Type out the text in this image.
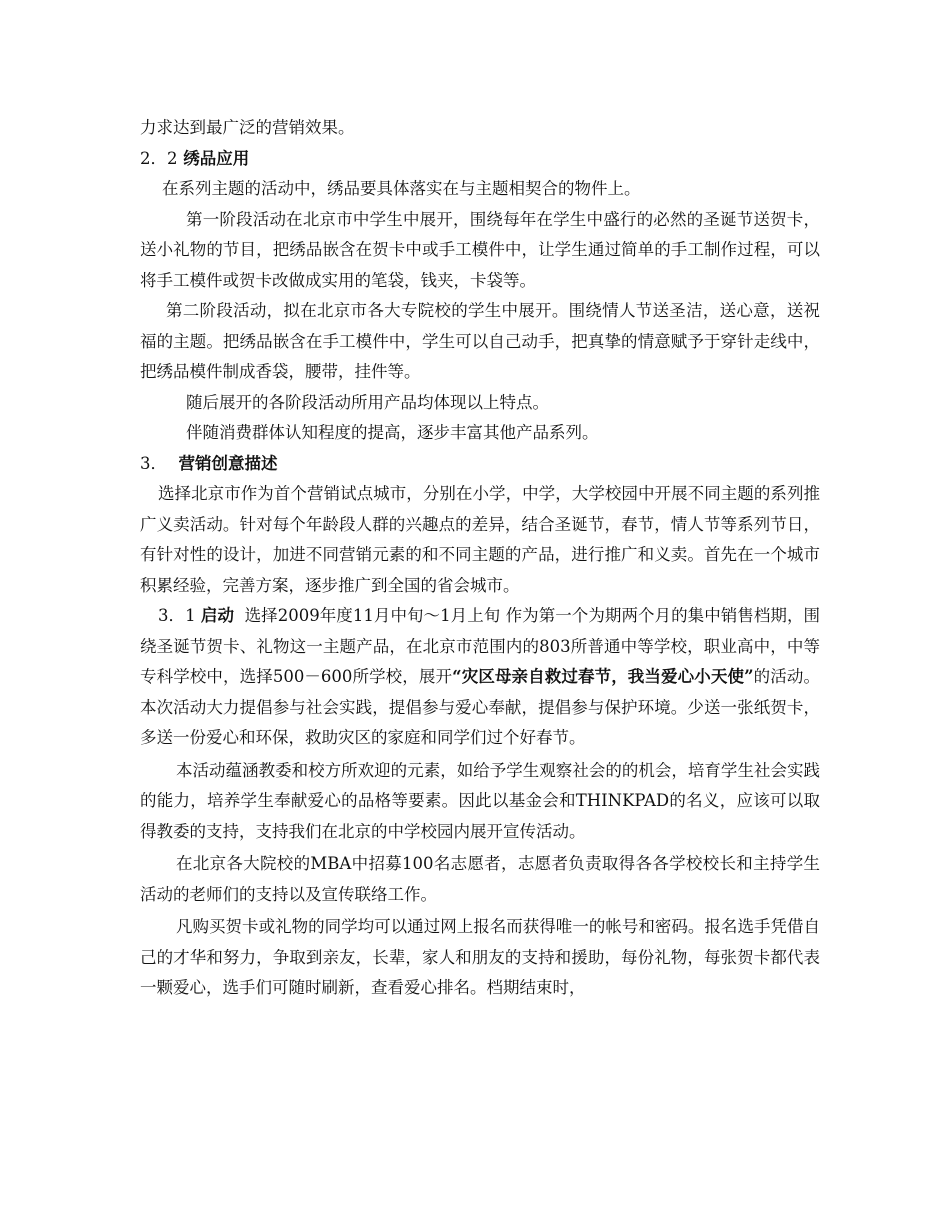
力求达到最广泛的营销效果。

2．2 绣品应用

在系列主题的活动中，绣品要具体落实在与主题相契合的物件上。

第一阶段活动在北京市中学生中展开，围绕每年在学生中盛行的必然的圣诞节送贺卡，送小礼物的节目，把绣品嵌含在贺卡中或手工模件中，让学生通过简单的手工制作过程，可以将手工模件或贺卡改做成实用的笔袋，钱夹，卡袋等。

第二阶段活动，拟在北京市各大专院校的学生中展开。围绕情人节送圣洁，送心意，送祝福的主题。把绣品嵌含在手工模件中，学生可以自己动手，把真挚的情意赋予于穿针走线中，把绣品模件制成香袋，腰带，挂件等。

随后展开的各阶段活动所用产品均体现以上特点。

伴随消费群体认知程度的提高，逐步丰富其他产品系列。

3． 营销创意描述

选择北京市作为首个营销试点城市，分别在小学，中学，大学校园中开展不同主题的系列推广义卖活动。针对每个年龄段人群的兴趣点的差异，结合圣诞节，春节，情人节等系列节日，有针对性的设计，加进不同营销元素的和不同主题的产品，进行推广和义卖。首先在一个城市积累经验，完善方案，逐步推广到全国的省会城市。

3．1 启动 选择2009年度11月中旬～1月上旬 作为第一个为期两个月的集中销售档期，围绕圣诞节贺卡、礼物这一主题产品，在北京市范围内的803所普通中等学校，职业高中，中等专科学校中，选择500－600所学校，展开“灾区母亲自救过春节，我当爱心小天使”的活动。本次活动大力提倡参与社会实践，提倡参与爱心奉献，提倡参与保护环境。少送一张纸贺卡，多送一份爱心和环保，救助灾区的家庭和同学们过个好春节。

本活动蕴涵教委和校方所欢迎的元素，如给予学生观察社会的的机会，培育学生社会实践的能力，培养学生奉献爱心的品格等要素。因此以基金会和THINKPAD的名义，应该可以取得教委的支持，支持我们在北京的中学校园内展开宣传活动。

在北京各大院校的MBA中招募100名志愿者，志愿者负责取得各各学校校长和主持学生活动的老师们的支持以及宣传联络工作。

凡购买贺卡或礼物的同学均可以通过网上报名而获得唯一的帐号和密码。报名选手凭借自己的才华和努力，争取到亲友，长辈，家人和朋友的支持和援助，每份礼物，每张贺卡都代表一颗爱心，选手们可随时刷新，查看爱心排名。档期结束时，
